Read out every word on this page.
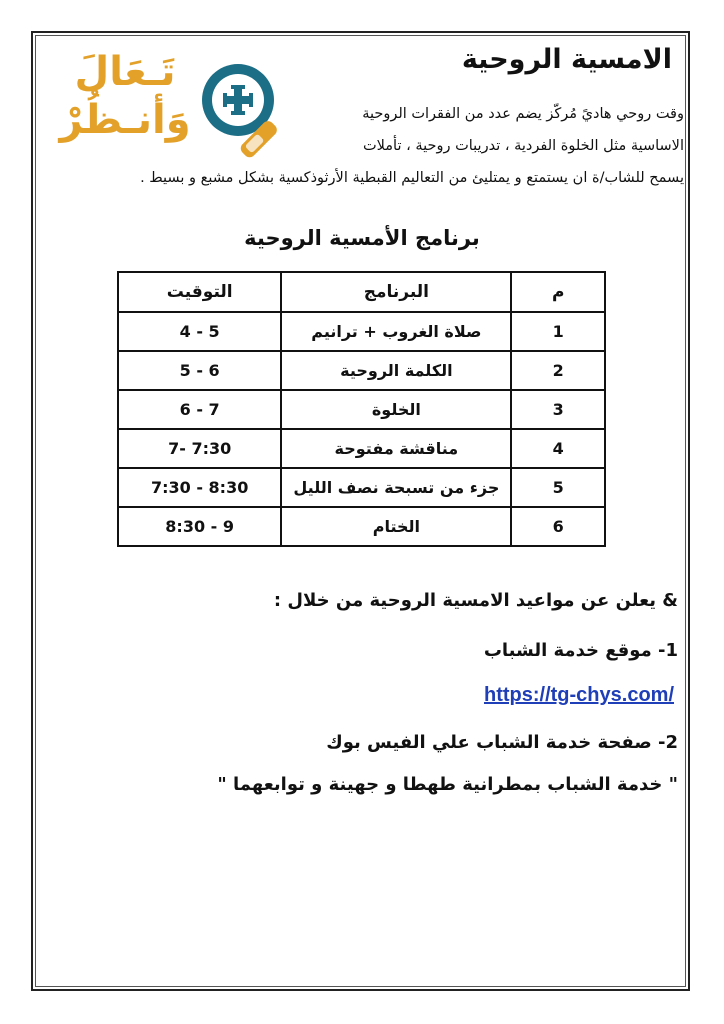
تَـعَالَ
وَأنـظُرْ
الامسية الروحية

وقت روحي هاديً مُركّز يضم عدد من الفقرات الروحية
الاساسية مثل الخلوة الفردية ، تدريبات روحية ، تأملات
يسمح للشاب/ة ان يستمتع و يمتليئ من التعاليم القبطية الأرثوذكسية بشكل مشبع و بسيط .

برنامج الأمسية الروحية
م	البرنامج	التوقيت
1	صلاة الغروب + ترانيم	4 - 5
2	الكلمة الروحية	5 - 6
3	الخلوة	6 - 7
4	مناقشة مفتوحة	7- 7:30
5	جزء من تسبحة نصف الليل	7:30 - 8:30
6	الختام	8:30 - 9

& يعلن عن مواعيد الامسية الروحية من خلال :

1- موقع خدمة الشباب

https://tg-chys.com/

2- صفحة خدمة الشباب علي الفيس بوك

" خدمة الشباب بمطرانية طهطا و جهينة و توابعهما "
